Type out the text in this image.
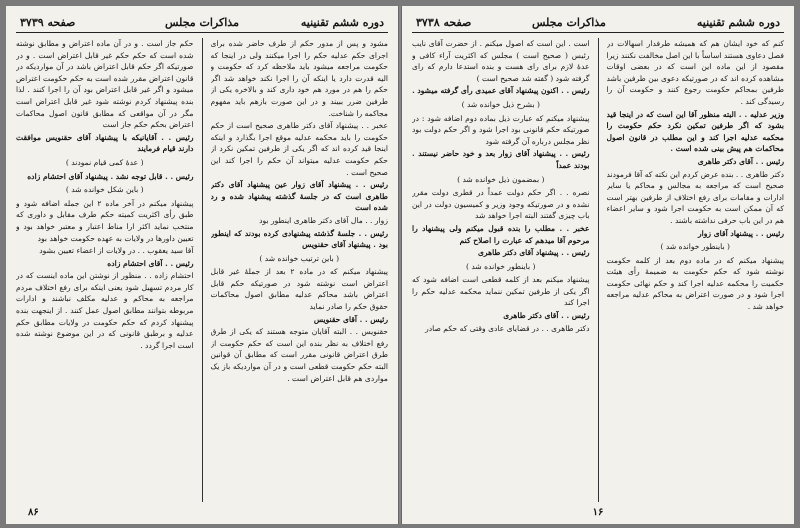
صفحه ۳۷۳۹	مذاکرات مجلس	دوره ششم تقنینیه

مشود و پس از مدور حکم از طرف حاضر شده برای اجرای حکم عدلیه حکم را اجرا میکنند ولی در اینجا که حکومت مراجعه میشود باید ملاحظه کرد که حکومت و الیه قدرت دارد یا اینکه آن را اجرا نکند خواهد شد اگر حکم را هم در مورد هم خود داری کند و بالاخره یکی از طرفین ضرر ببیند و در این صورت بازهم باید مفهوم مجاکمه را شناخت.

عخبر . . پیشنهاد آقای دکتر طاهری صحیح است از حکم حکومت را باید محکمه عدلیه موقع اجرا بگذارد و اینکه اینجا قید کرده اند که اگر یکی از طرفین تمکین نکرد از حکم حکومت عدلیه میتواند آن حکم را اجرا کند این صحیح است .

رئیس . . پیشنهاد آقای زوار عین پیشنهاد آقای دکتر طاهری است که در جلسهٔ گذشته پیشنهاد شده و رد شده است

زوار . . مال آقای دکتر طاهری اینطور بود

رئیس . . جلسهٔ گذشته پیشنهادی کرده بودند که اینطور بود . پیشنهاد آقای حقنویس

( باین ترتیب خوانده شد )

پیشنهاد میکنم که در ماده ۲ بعد از جملهٔ غیر قابل اعتراض است نوشته شود در صورتیکه حکم قابل اعتراض باشد محاکم عدلیه مطابق اصول محاکمات حقوق حکم را صادر نماید

رئیس . . آقای حقنویس

حقنویس . . البته آقایان متوجه هستند که یکی از طرق رفع اختلاف به نظر بنده این است که حکم حکومت از طرق اعتراض قانونی مقرر است که مطابق آن قوانین البته حکم حکومت قطعی است و در آن مواردیکه باز یک مواردی هم قابل اعتراض است .

حکم جاز است . و در آن ماده اعتراض و مطابق نوشته شده است که حکم حکم غیر قابل اعتراض است . و در صورتیکه اگر حکم قابل اعتراض باشد در آن مواردیکه در قانون اعتراض مقرر شده است به حکم حکومت اعتراض میشود و اگر غیر قابل اعتراض بود آن را اجرا کنند . لذا بنده پیشنهاد کردم نوشته شود غیر قابل اعتراض است مگر در آن مواقعی که مطابق قانون اصول محاکمات اعتراض بحکم حکم جاز است

رئیس . . آقایانیکه با پیشنهاد آقای حقنویس موافقت دارند قیام فرمایند

( عدهٔ کمی قیام نمودند )

رئیس . . قابل توجه نشد . پیشنهاد آقای احتشام زاده

( باین شکل خوانده شد )

پیشنهاد میکنم در آخر ماده ۲ این جمله اضافه شود و طبق رأی اکثریت کمیته حکم طرف مقابل و داوری که منتخب نماید اکثر ارا مناط اعتبار و معتبر خواهد بود و تعیین داورها در ولایات به عهده حکومت خواهد بود

آقا سید یعقوب . . در ولایات از اعضاء تعیین بشود

رئیس . . آقای احتشام زاده

احتشام زاده . . منظور از نوشتن این ماده اینست که در کار مردم تسهیل شود یعنی اینکه برای رفع اختلاف مردم مراجعه به محاکم و عدلیه مکلف نباشند و ادارات مربوطه بتوانند مطابق اصول عمل کنند . از اینجهت بنده پیشنهاد کردم که حکم حکومت در ولایات مطابق حکم عدلیه و برطبق قانونی که در این موضوع نوشته شده است اجرا گردد .

۸۶
مذاکرات مجلس
صفحه ۳۷۳۸	دوره ششم تقنینیه

کنم که خود ایشان هم که همیشه طرفدار اسهالات در فصل دعاوی هستند اساساً با این اصل مخالفت نکنند زیرا مقصود از این ماده این است که در بعضی اوقات مشاهده کرده اند که در صورتیکه دعوی بین طرفین باشد طرفین بمحاکم حکومت رجوع کنند و حکومت آن را رسیدگی کند .

وزیر عدلیه . . البته منظور آقا این است که در اینجا قید بشود که اگر طرفین تمکین نکرد حکم حکومت را محکمه عدلیه اجرا کند و این مطلب در قانون اصول محاکمات هم پیش بینی شده است .

رئیس . . آقای دکتر طاهری

دکتر طاهری . . بنده عرض کردم این نکته که آقا فرمودند صحیح است که مراجعه به مجالس و محاکم یا سایر ادارات و مقامات برای رفع اختلاف از طرفین بهتر است که آن ممکن است به حکومت اجرا شود و سایر اعضاء هم در این باب حرفی نداشته باشند .

رئیس . . پیشنهاد آقای زوار

( باینطور خوانده شد )

پیشنهاد میکنم که در ماده دوم بعد از کلمه حکومت نوشته شود که حکم حکومت به ضمیمهٔ رأی هیئت حکمیت را محکمه عدلیه اجرا کند و حکم نهائی حکومت اجرا شود و در صورت اعتراض به محاکم عدلیه مراجعه خواهد شد .

است . این است که اصول میکنم . از حضرت آقای نایب رئیس ( صحیح است ) مجلس که اکثریت آراء کافی و عدهٔ لازم برای رای هست و بنده استدعا دارم که رای گرفته شود ( گفته شد صحیح است )

رئیس . . اکنون پیشنهاد آقای عمیدی رأی گرفته میشود .

( بشرح ذیل خوانده شد )

پیشنهاد میکنم که عبارت ذیل بماده دوم اضافه شود : در صورتیکه حکم قانونی بود اجرا شود و اگر حکم دولت بود نظر مجلس درباره آن گرفته شود

رئیس . . پیشنهاد آقای زوار بعد و خود حاضر نیستند . بودند عمداً

( بمضمون ذیل خوانده شد )

نصره . . اگر حکم دولت عمداً در قطری دولت مقرر نشده و در صورتیکه وجود وزیر و کمیسیون دولت در این باب چیزی گفتند البته اجرا خواهد شد

عخبر . . مطلب را بنده قبول میکنم ولی پیشنهاد را مرحوم آقا میدهم که عبارت را اصلاح کنم

رئیس . . پیشنهاد آقای دکتر طاهری

( باینطور خوانده شد )

پیشنهاد میکنم بعد از کلمه قطعی است اضافه شود که اگر یکی از طرفین تمکین ننماید محکمه عدلیه حکم را اجرا کند

رئیس . . آقای دکتر طاهری

دکتر طاهری . . در قضایای عادی وقتی که حکم صادر

۱۶
